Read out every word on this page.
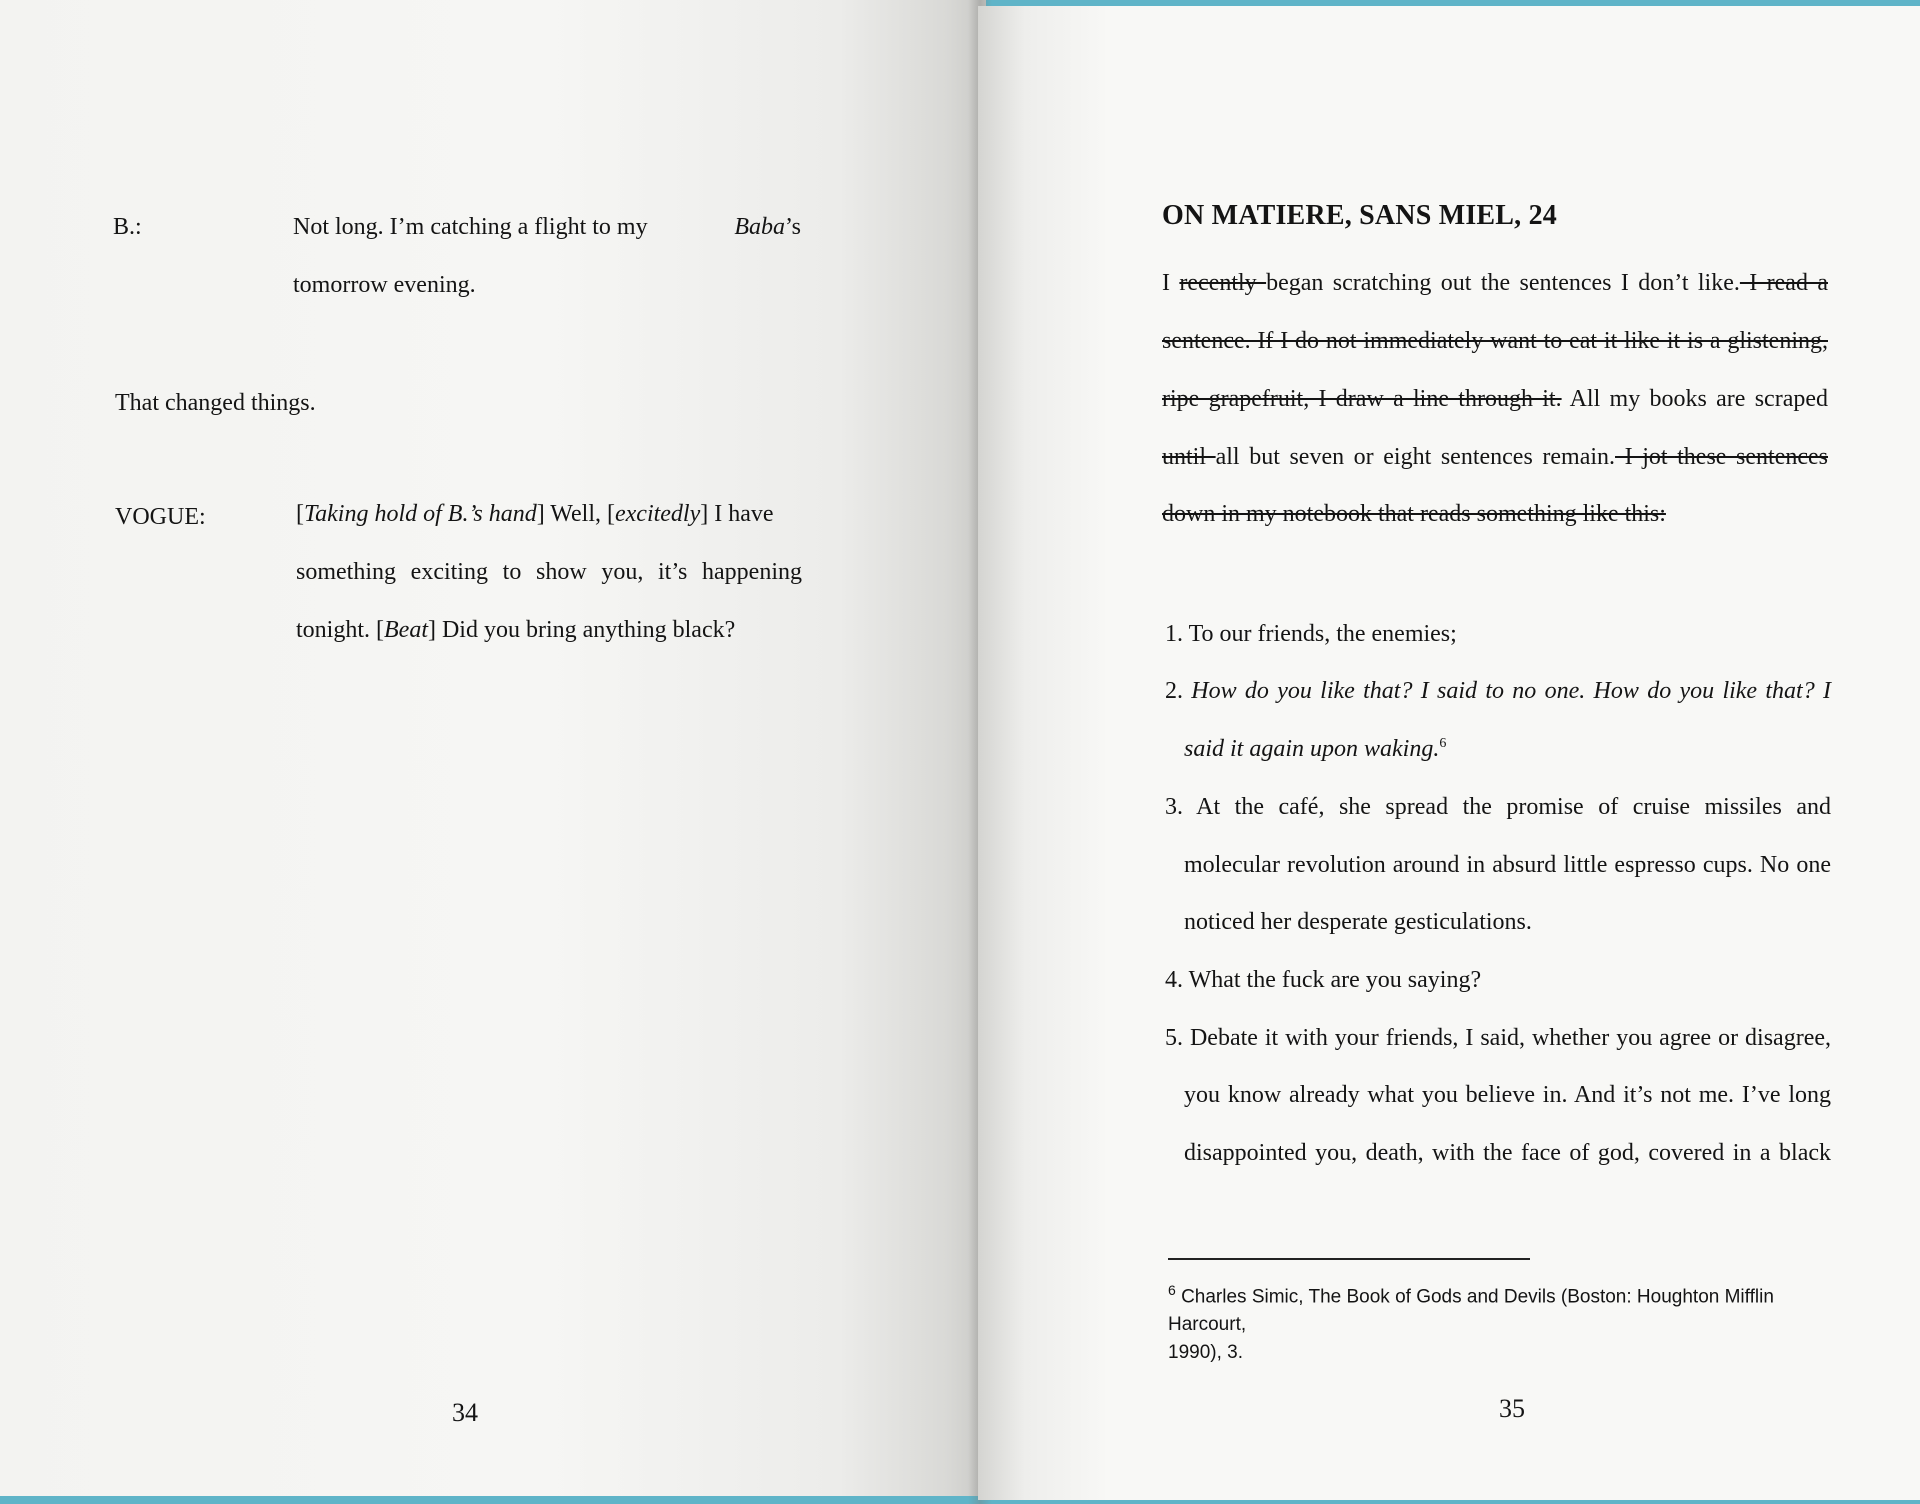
B.:	Not long. I’m catching a flight to my	Baba’s
tomorrow evening.
That changed things.
VOGUE:	[Taking hold of B.’s hand] Well, [excitedly] I have
something exciting to show you, it’s happening
tonight. [Beat] Did you bring anything black?
34
ON MATIERE, SANS MIEL, 24
I recently began scratching out the sentences I don’t like. I read a
sentence. If I do not immediately want to eat it like it is a glistening,
ripe grapefruit, I draw a line through it. All my books are scraped
until all but seven or eight sentences remain. I jot these sentences
down in my notebook that reads something like this:
1. To our friends, the enemies;
2. How do you like that? I said to no one. How do you like that? I
said it again upon waking.$^6$
3. At the café, she spread the promise of cruise missiles and
molecular revolution around in absurd little espresso cups. No one
noticed her desperate gesticulations.
4. What the fuck are you saying?
5. Debate it with your friends, I said, whether you agree or disagree,
you know already what you believe in. And it’s not me. I’ve long
disappointed you, death, with the face of god, covered in a black
$^6$ Charles Simic, The Book of Gods and Devils (Boston: Houghton Mifflin Harcourt,
1990), 3.
35
